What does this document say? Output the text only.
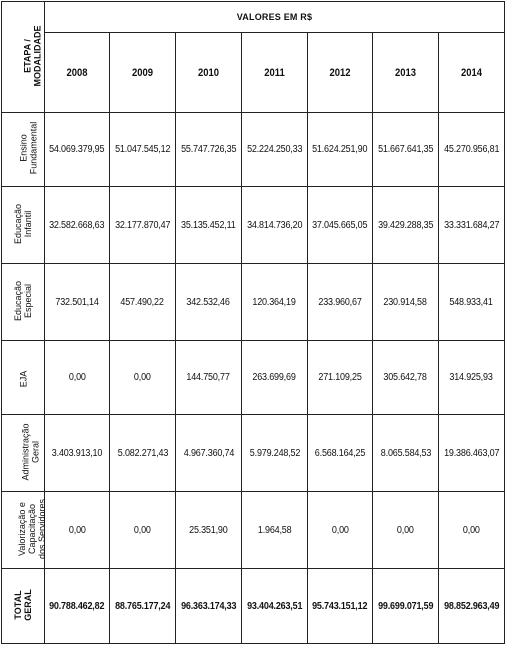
ETAPA /
MODALIDADE	VALORES EM R$						

	2008	2009	2010	2011	2012	2013	2014

Ensino
Fundamental	54.069.379,95	51.047.545,12	55.747.726,35	52.224.250,33	51.624.251,90	51.667.641,35	45.270.956,81
Educação
Infantil	32.582.668,63	32.177.870,47	35.135.452,11	34.814.736,20	37.045.665,05	39.429.288,35	33.331.684,27
Educação
Especial	732.501,14	457.490,22	342.532,46	120.364,19	233.960,67	230.914,58	548.933,41
EJA	0,00	0,00	144.750,77	263.699,69	271.109,25	305.642,78	314.925,93
Administração
Geral	3.403.913,10	5.082.271,43	4.967.360,74	5.979.248,52	6.568.164,25	8.065.584,53	19.386.463,07
Valorização e
Capacitação
dos Servidores	0,00	0,00	25.351,90	1.964,58	0,00	0,00	0,00
TOTAL
GERAL	90.788.462,82	88.765.177,24	96.363.174,33	93.404.263,51	95.743.151,12	99.699.071,59	98.852.963,49
